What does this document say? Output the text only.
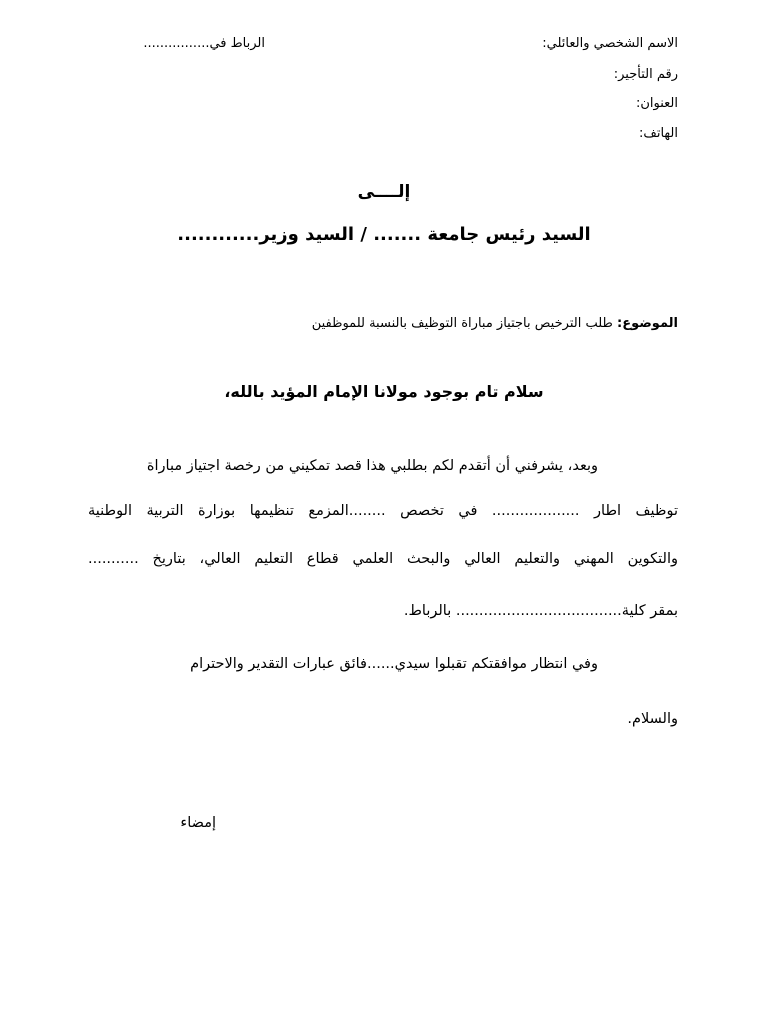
الاسم الشخصي والعائلي:
الرباط في................
رقم التأجير:
العنوان:
الهاتف:
إلــــى
السيد رئيس جامعة ....... / السيد وزير............
الموضوع: طلب الترخيص باجتياز مباراة التوظيف بالنسبة للموظفين
سلام تام بوجود مولانا الإمام المؤيد بالله،
وبعد، يشرفني أن أتقدم لكم بطلبي هذا قصد تمكيني من رخصة اجتياز مباراة
توظيف اطار ................... في تخصص ........المزمع تنظيمها بوزارة التربية الوطنية
والتكوين المهني والتعليم العالي والبحث العلمي قطاع التعليم العالي، بتاريخ ...........
بمقر كلية.................................... بالرباط.
وفي انتظار موافقتكم تقبلوا سيدي......فائق عبارات التقدير والاحترام
والسلام.
إمضاء
